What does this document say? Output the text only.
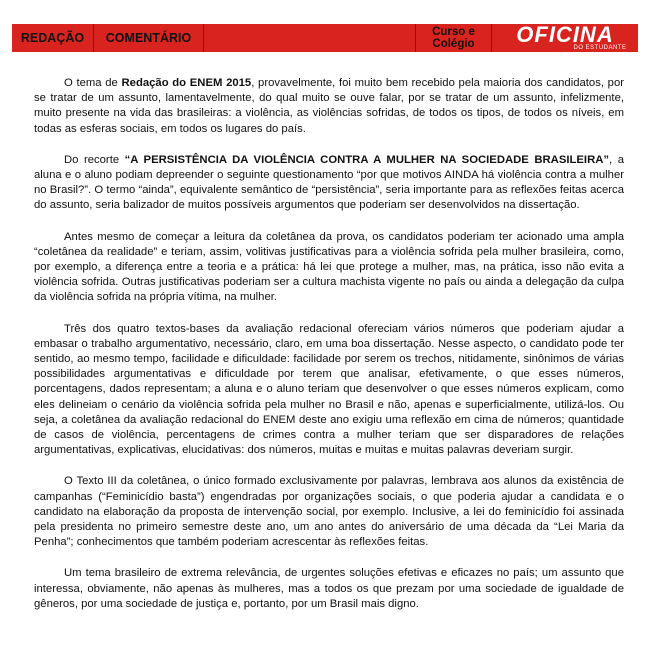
REDAÇÃO	COMENTÁRIO	Curso e
Colégio OFICINA
DO ESTUDANTE

O tema de Redação do ENEM 2015, provavelmente, foi muito bem recebido pela maioria dos candidatos, por se tratar de um assunto, lamentavelmente, do qual muito se ouve falar, por se tratar de um assunto, infelizmente, muito presente na vida das brasileiras: a violência, as violências sofridas, de todos os tipos, de todos os níveis, em todas as esferas sociais, em todos os lugares do país.

Do recorte “A PERSISTÊNCIA DA VIOLÊNCIA CONTRA A MULHER NA SOCIEDADE BRASILEIRA”, a aluna e o aluno podiam depreender o seguinte questionamento “por que motivos AINDA há violência contra a mulher no Brasil?”. O termo “ainda”, equivalente semântico de “persistência”, seria importante para as reflexões feitas acerca do assunto, seria balizador de muitos possíveis argumentos que poderiam ser desenvolvidos na dissertação.

Antes mesmo de começar a leitura da coletânea da prova, os candidatos poderiam ter acionado uma ampla “coletânea da realidade” e teriam, assim, volitivas justificativas para a violência sofrida pela mulher brasileira, como, por exemplo, a diferença entre a teoria e a prática: há lei que protege a mulher, mas, na prática, isso não evita a violência sofrida. Outras justificativas poderiam ser a cultura machista vigente no país ou ainda a delegação da culpa da violência sofrida na própria vítima, na mulher.

Três dos quatro textos-bases da avaliação redacional ofereciam vários números que poderiam ajudar a embasar o trabalho argumentativo, necessário, claro, em uma boa dissertação. Nesse aspecto, o candidato pode ter sentido, ao mesmo tempo, facilidade e dificuldade: facilidade por serem os trechos, nitidamente, sinônimos de várias possibilidades argumentativas e dificuldade por terem que analisar, efetivamente, o que esses números, porcentagens, dados representam; a aluna e o aluno teriam que desenvolver o que esses números explicam, como eles delineiam o cenário da violência sofrida pela mulher no Brasil e não, apenas e superficialmente, utilizá-los. Ou seja, a coletânea da avaliação redacional do ENEM deste ano exigiu uma reflexão em cima de números; quantidade de casos de violência, percentagens de crimes contra a mulher teriam que ser disparadores de relações argumentativas, explicativas, elucidativas: dos números, muitas e muitas e muitas palavras deveriam surgir.

O Texto III da coletânea, o único formado exclusivamente por palavras, lembrava aos alunos da existência de campanhas (“Feminicídio basta”) engendradas por organizações sociais, o que poderia ajudar a candidata e o candidato na elaboração da proposta de intervenção social, por exemplo. Inclusive, a lei do feminicídio foi assinada pela presidenta no primeiro semestre deste ano, um ano antes do aniversário de uma década da “Lei Maria da Penha”; conhecimentos que também poderiam acrescentar às reflexões feitas.

Um tema brasileiro de extrema relevância, de urgentes soluções efetivas e eficazes no país; um assunto que interessa, obviamente, não apenas às mulheres, mas a todos os que prezam por uma sociedade de igualdade de gêneros, por uma sociedade de justiça e, portanto, por um Brasil mais digno.
